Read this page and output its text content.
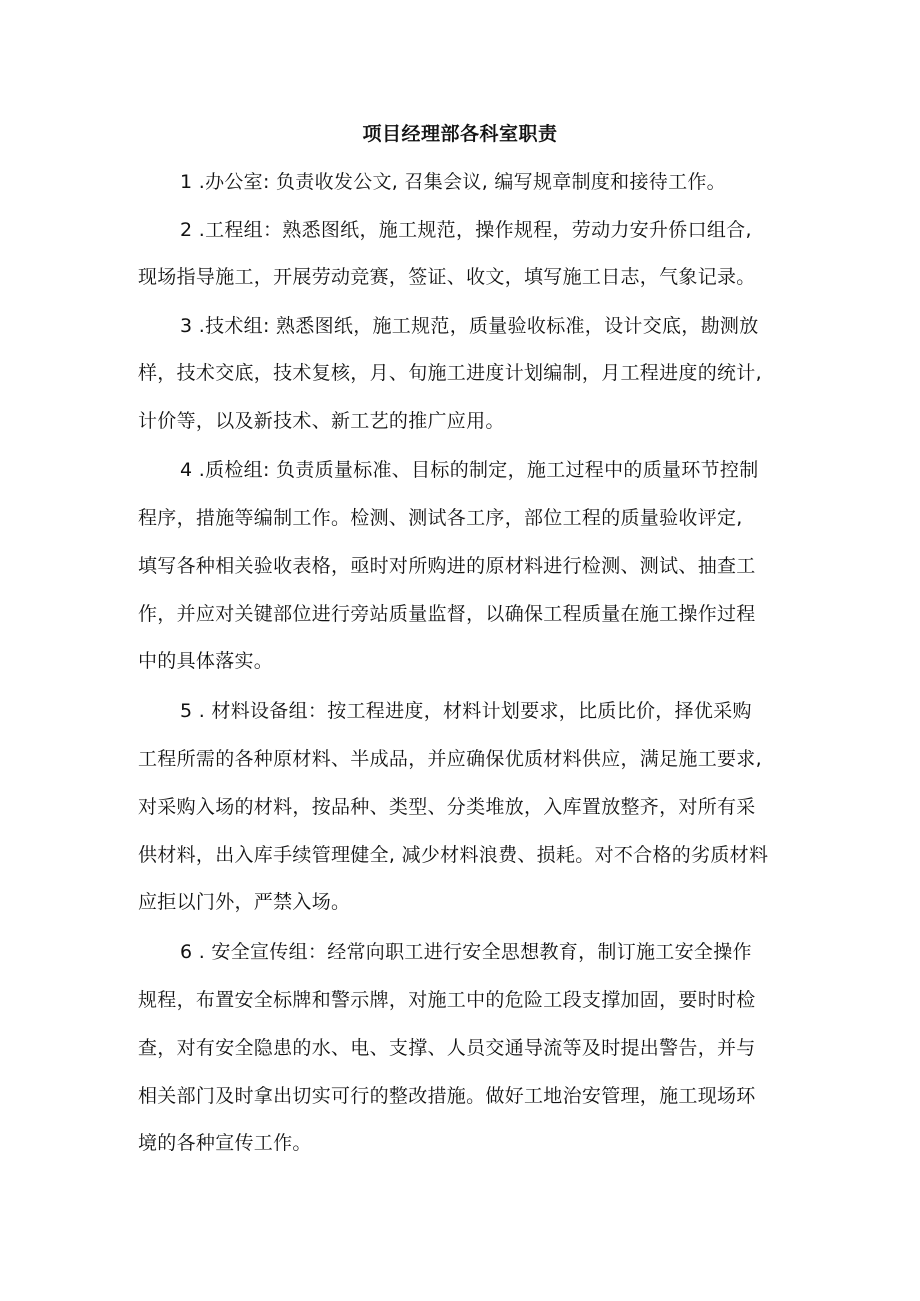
项目经理部各科室职责

1 .办公室: 负责收发公文, 召集会议, 编写规章制度和接待工作。

2 .工程组：熟悉图纸，施工规范，操作规程，劳动力安升侨口组合,

现场指导施工，开展劳动竞赛，签证、收文，填写施工日志，气象记录。

3 .技术组: 熟悉图纸，施工规范，质量验收标准，设计交底，勘测放

样，技术交底，技术复核，月、旬施工进度计划编制，月工程进度的统计,

计价等，以及新技术、新工艺的推广应用。

4 .质检组: 负责质量标准、目标的制定，施工过程中的质量环节控制

程序，措施等编制工作。检测、测试各工序，部位工程的质量验收评定,

填写各种相关验收表格，亟时对所购进的原材料进行检测、测试、抽查工

作，并应对关键部位进行旁站质量监督，以确保工程质量在施工操作过程

中的具体落实。

5 . 材料设备组：按工程进度，材料计划要求，比质比价，择优采购

工程所需的各种原材料、半成品，并应确保优质材料供应，满足施工要求,

对采购入场的材料，按品种、类型、分类堆放，入库置放整齐，对所有采

供材料，出入库手续管理健全, 减少材料浪费、损耗。对不合格的劣质材料

应拒以门外，严禁入场。

6 . 安全宣传组：经常向职工进行安全思想教育，制订施工安全操作

规程，布置安全标牌和警示牌，对施工中的危险工段支撑加固，要时时检

查，对有安全隐患的水、电、支撑、人员交通导流等及时提出警告，并与

相关部门及时拿出切实可行的整改措施。做好工地治安管理，施工现场环

境的各种宣传工作。
